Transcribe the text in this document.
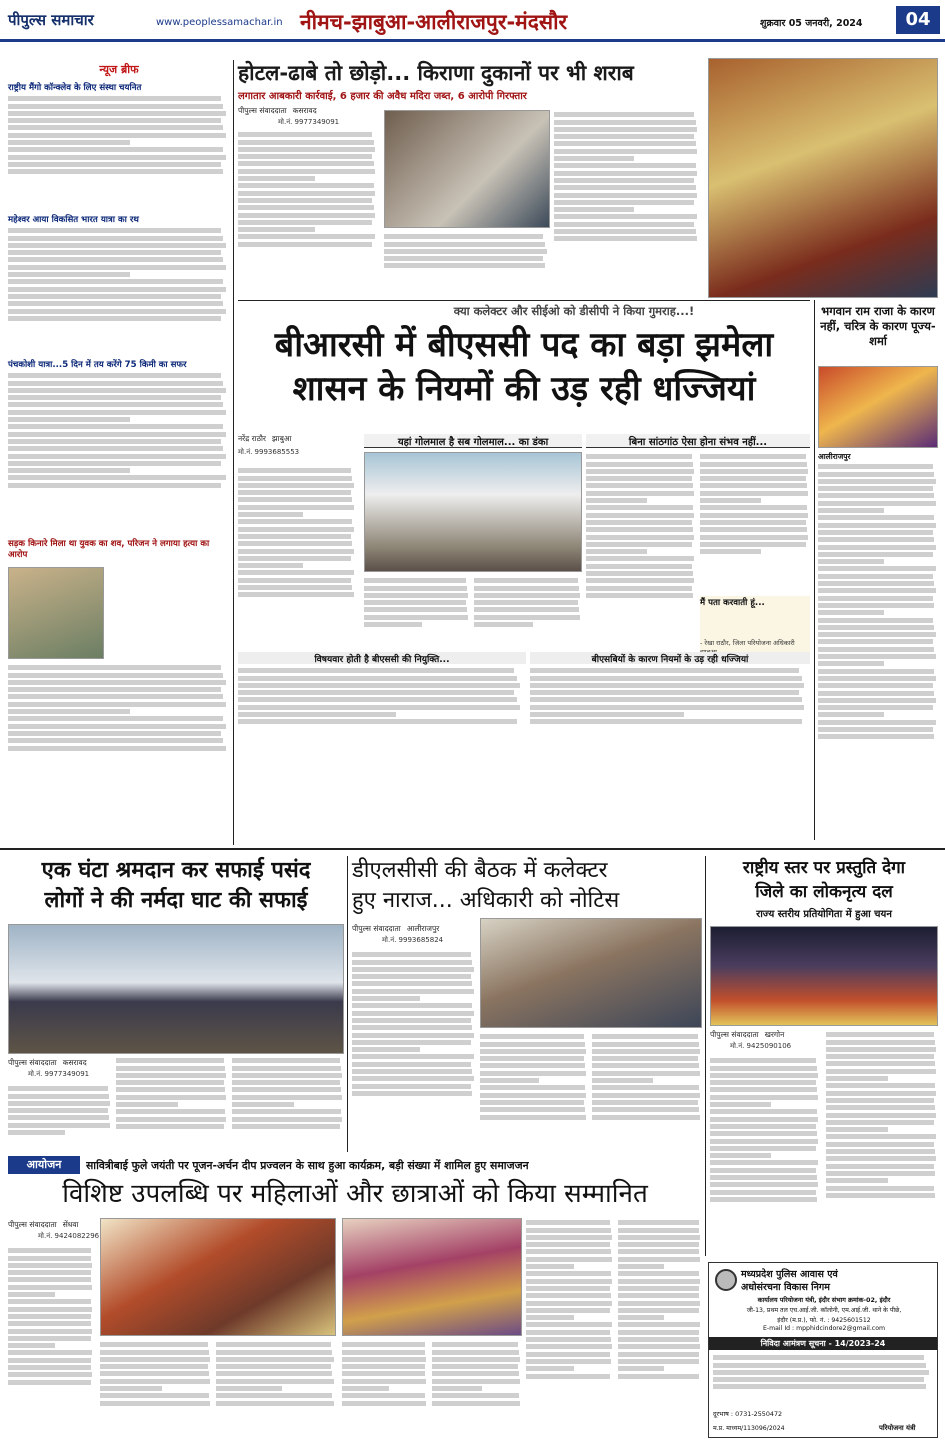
पीपुल्स समाचार	www.peoplessamachar.in नीमच-झाबुआ-आलीराजपुर-मंदसौर	शुक्रवार 05 जनवरी, 2024	04
न्यूज ब्रीफ
राष्ट्रीय मैंगो कॉन्क्लेव के लिए संस्था चयनित
महेश्वर आया विकसित भारत यात्रा का रथ
पंचकोशी यात्रा...5 दिन में तय करेंगे 75 किमी का सफर
सड़क किनारे मिला था युवक का शव, परिजन ने लगाया हत्या का आरोप
होटल-ढाबे तो छोड़ो... किराणा दुकानों पर भी शराब
लगातार आबकारी कार्रवाई, 6 हजार की अवैध मदिरा जब्त, 6 आरोपी गिरफ्तार
पीपुल्स संवाददाता कसरावद
मो.नं. 9977349091
क्या कलेक्टर और सीईओ को डीसीपी ने किया गुमराह...!
बीआरसी में बीएससी पद का बड़ा झमेला
शासन के नियमों की उड़ रही धज्जियां
नरेंद्र राठौर झाबुआ
मो.नं. 9993685553
यहां गोलमाल है सब गोलमाल... का डंका	बिना सांठगांठ ऐसा होना संभव नहीं...
मैं पता करवाती हूं...
- रेखा राठौर, जिला परियोजना अधिकारी
विषयवार होती है बीएससी की नियुक्ति...	बीएसबियों के कारण नियमों के उड़ रही धज्जियां
भगवान राम राजा के कारण नहीं, चरित्र के कारण पूज्य- शर्मा
आलीराजपुर
एक घंटा श्रमदान कर सफाई पसंद
लोगों ने की नर्मदा घाट की सफाई
पीपुल्स संवाददाता कसरावद
मो.नं. 9977349091
डीएलसीसी की बैठक में कलेक्टर
हुए नाराज... अधिकारी को नोटिस
पीपुल्स संवाददाता आलीराजपुर
मो.नं. 9993685824
राष्ट्रीय स्तर पर प्रस्तुति देगा
जिले का लोकनृत्य दल
राज्य स्तरीय प्रतियोगिता में हुआ चयन
पीपुल्स संवाददाता खरगोन
मो.नं. 9425090106
आयोजन	सावित्रीबाई फुले जयंती पर पूजन-अर्चन दीप प्रज्वलन के साथ हुआ कार्यक्रम, बड़ी संख्या में शामिल हुए समाजजन
विशिष्ट उपलब्धि पर महिलाओं और छात्राओं को किया सम्मानित
पीपुल्स संवाददाता सेंधवा
मो.नं. 9424082296
मध्यप्रदेश पुलिस आवास एवं
अधोसंरचना विकास निगम
कार्यालय परियोजना यंत्री, इंदौर संभाग क्रमांक-02, इंदौर
जी-13, प्रथम तल एच.आई.जी. कॉलोनी, एम.आई.जी. थाने के पीछे,
इंदौर (म.प्र.), फो. नं. : 9425601512
E-mail Id : mpphidcindore2@gmail.com
निविदा आमंत्रण सूचना - 14/2023-24
दूरभाष : 0731-2550472
म.प्र. माध्यम/113096/2024	परियोजना यंत्री
